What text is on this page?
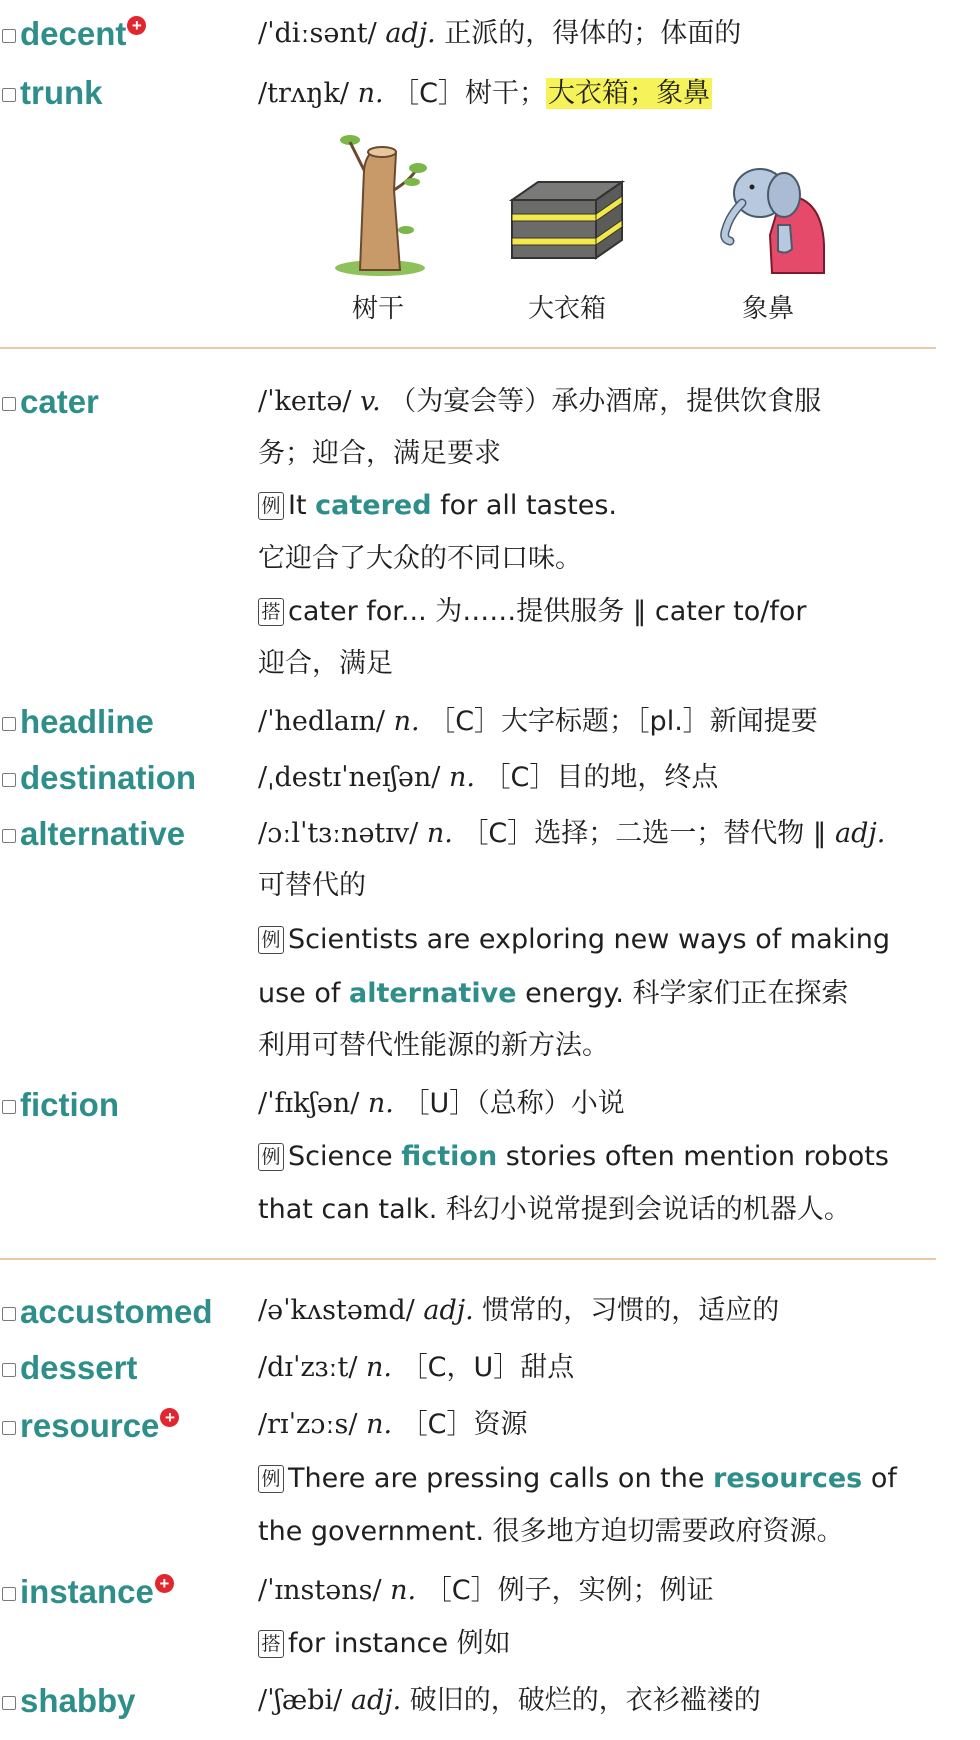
decent +	/ˈdiːsənt/ adj. 正派的，得体的；体面的
trunk	/trʌŋk/ n. ［C］树干；大衣箱；象鼻
树干	大衣箱	象鼻
cater	/ˈkeɪtə/ v. （为宴会等）承办酒席，提供饮食服
务；迎合，满足要求
例 It catered for all tastes.
它迎合了大众的不同口味。
搭 cater for... 为……提供服务 ‖ cater to/for
迎合，满足
headline	/ˈhedlaɪn/ n. ［C］大字标题；［pl.］新闻提要
destination /ˌdestɪˈneɪʃən/ n. ［C］目的地，终点
alternative	/ɔːlˈtɜːnətɪv/ n. ［C］选择；二选一；替代物 ‖ adj.
可替代的
例 Scientists are exploring new ways of making
use of alternative energy. 科学家们正在探索
利用可替代性能源的新方法。
fiction	/ˈfɪkʃən/ n. ［U］（总称）小说
例 Science fiction stories often mention robots
that can talk. 科幻小说常提到会说话的机器人。
accustomed /əˈkʌstəmd/ adj. 惯常的，习惯的，适应的
dessert	/dɪˈzɜːt/ n. ［C，U］甜点
resource +	/rɪˈzɔːs/ n. ［C］资源
例 There are pressing calls on the resources of
the government. 很多地方迫切需要政府资源。
instance +	/ˈɪnstəns/ n. ［C］例子，实例；例证
搭 for instance 例如
shabby	/ˈʃæbi/ adj. 破旧的，破烂的，衣衫褴褛的
